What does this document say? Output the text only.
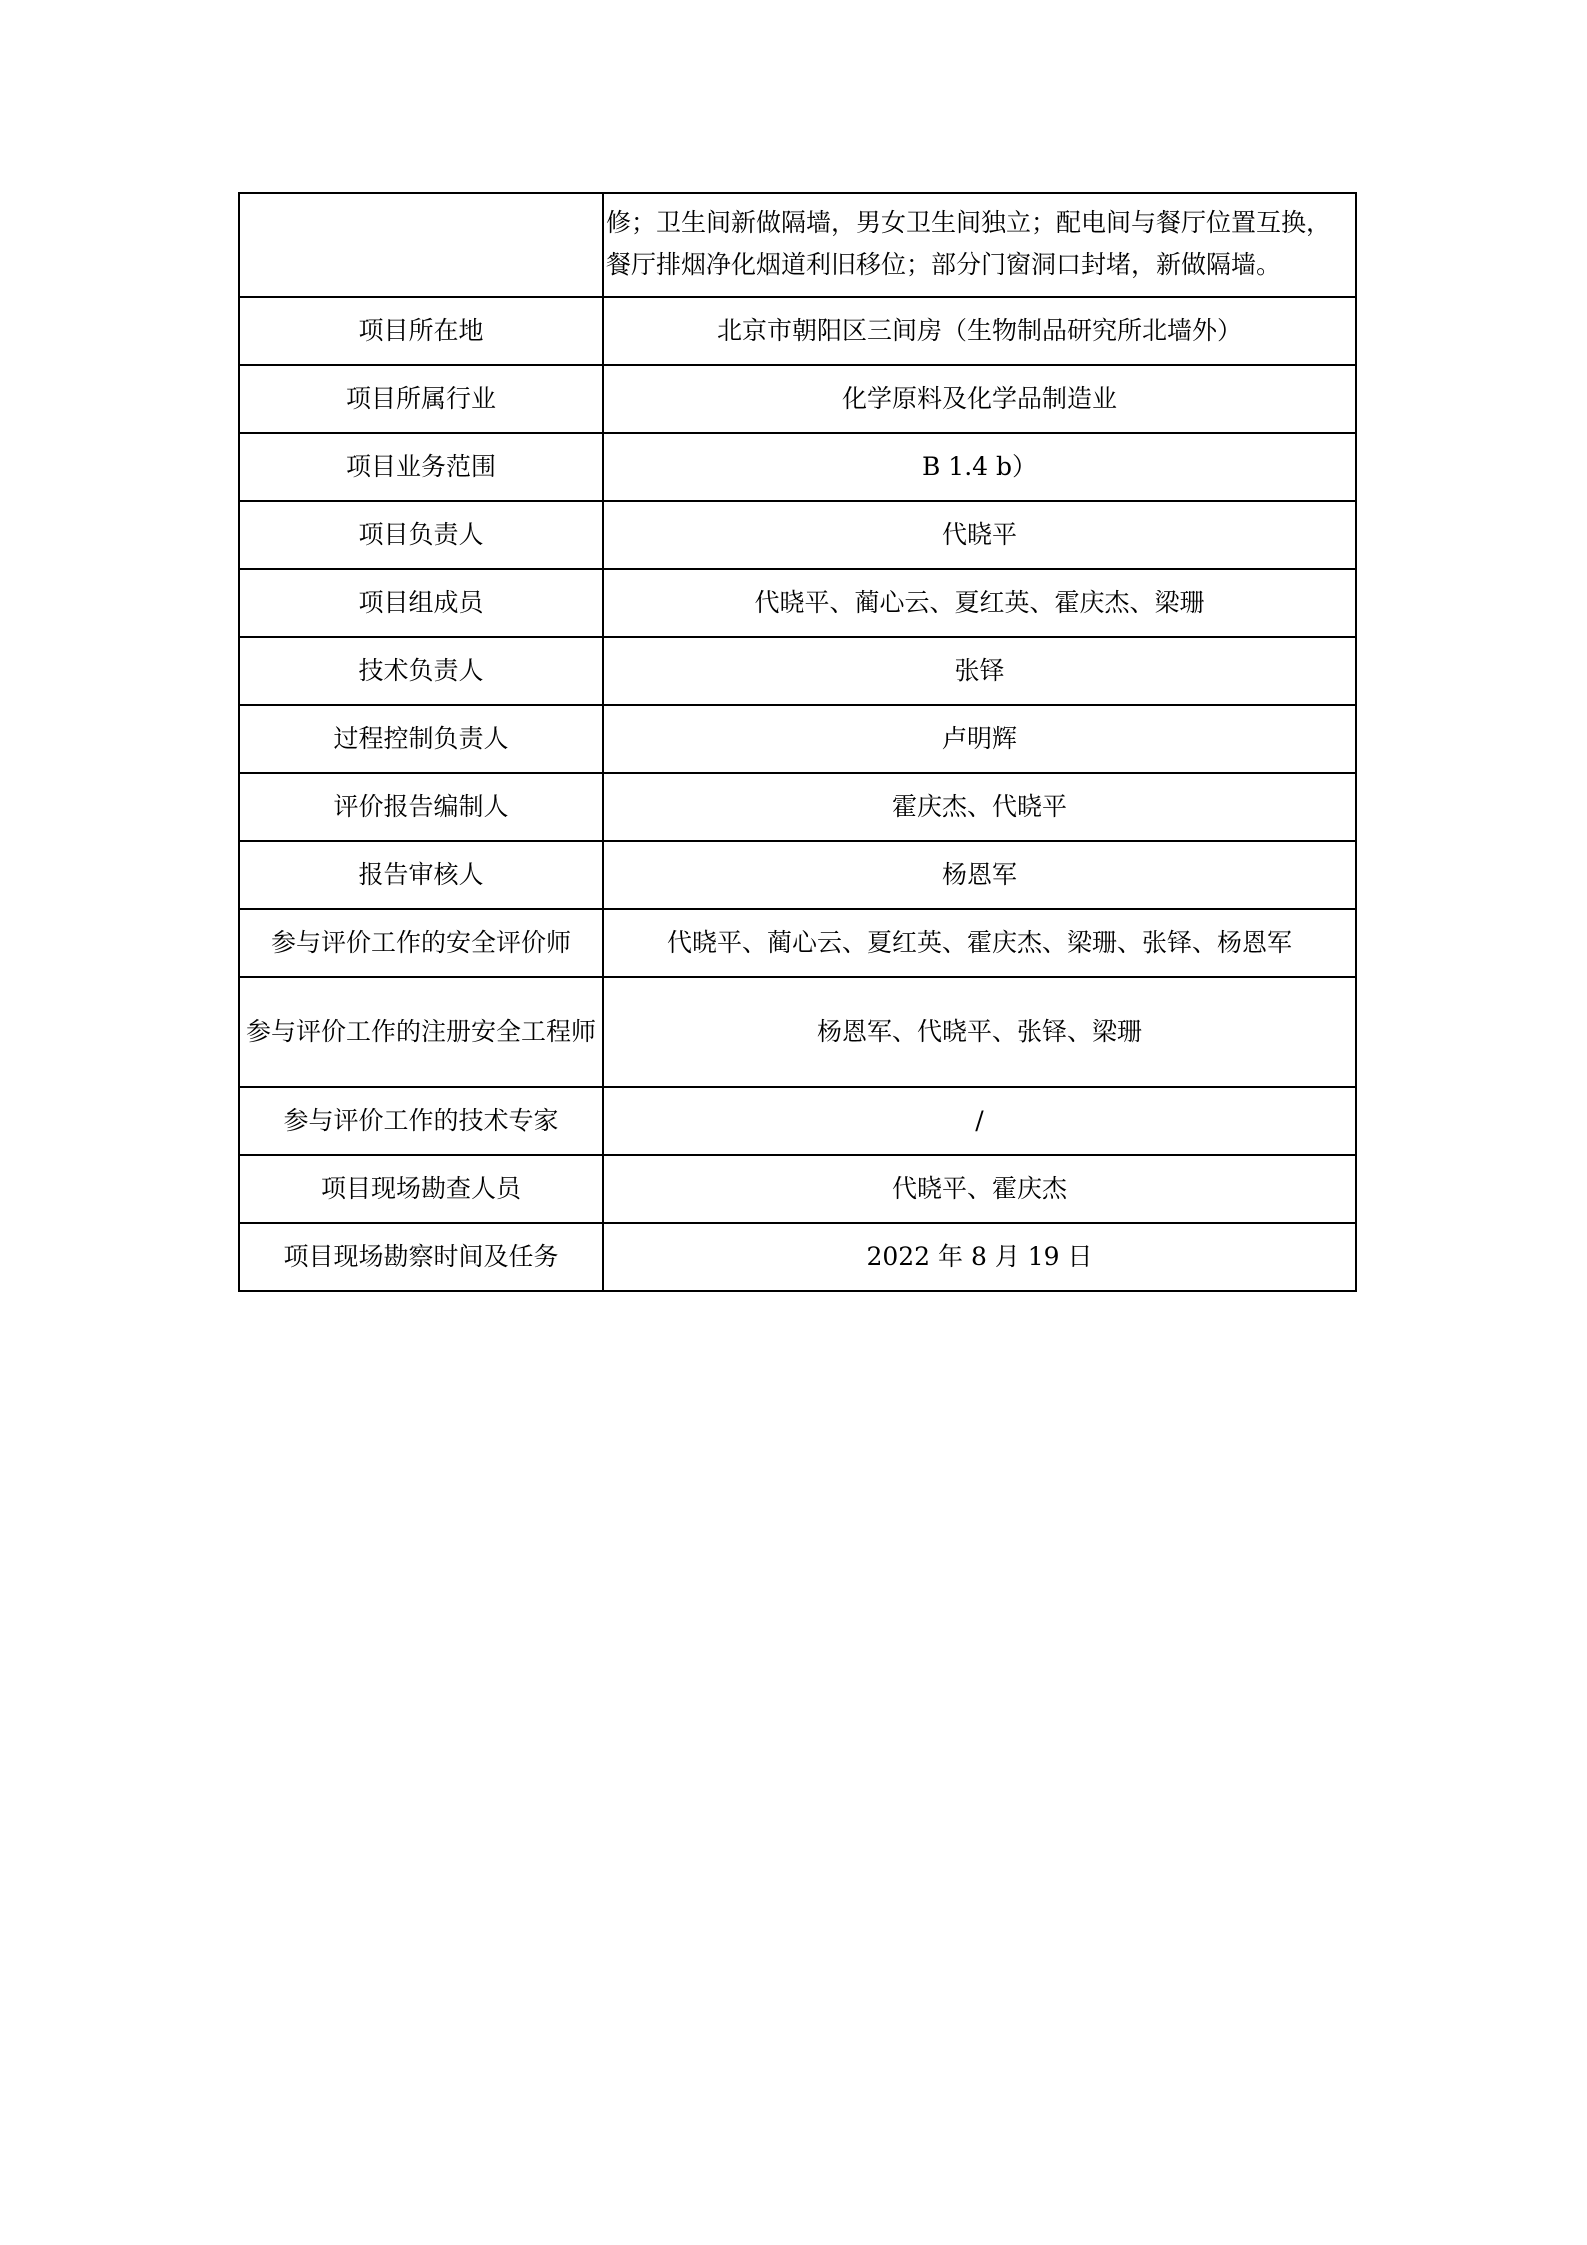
	修；卫生间新做隔墙，男女卫生间独立；配电间与餐厅位置互换，
餐厅排烟净化烟道利旧移位；部分门窗洞口封堵，新做隔墙。

项目所在地	北京市朝阳区三间房（生物制品研究所北墙外）
项目所属行业	化学原料及化学品制造业
项目业务范围	B 1.4 b）
项目负责人	代晓平
项目组成员	代晓平、蔺心云、夏红英、霍庆杰、梁珊
技术负责人	张铎
过程控制负责人	卢明辉
评价报告编制人	霍庆杰、代晓平
报告审核人	杨恩军
参与评价工作的安全评价师	代晓平、蔺心云、夏红英、霍庆杰、梁珊、张铎、杨恩军
参与评价工作的注册安全工程师	杨恩军、代晓平、张铎、梁珊
参与评价工作的技术专家	/
项目现场勘查人员	代晓平、霍庆杰
项目现场勘察时间及任务	2022 年 8 月 19 日
